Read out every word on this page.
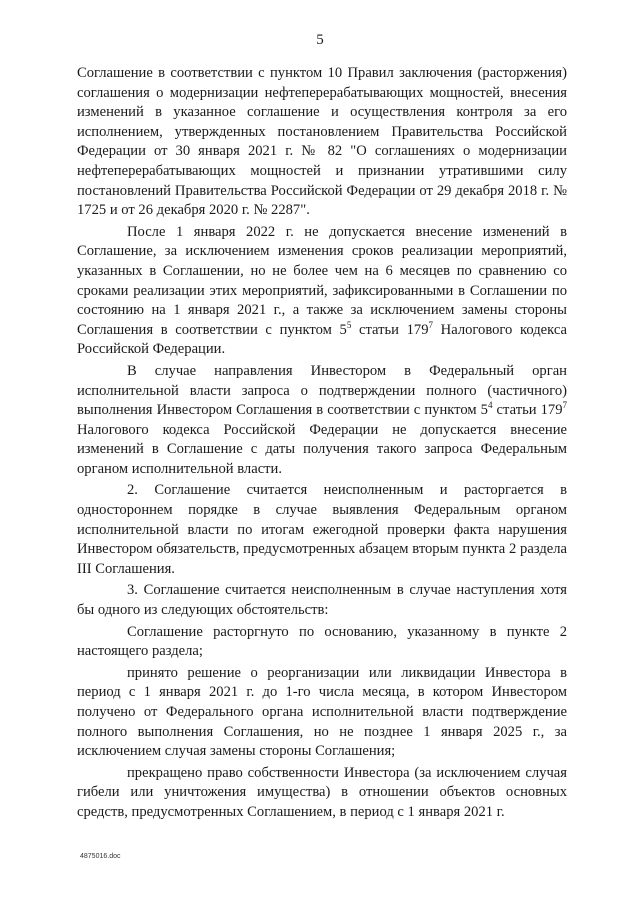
5

Соглашение в соответствии с пунктом 10 Правил заключения (расторжения) соглашения о модернизации нефтеперерабатывающих мощностей, внесения изменений в указанное соглашение и осуществления контроля за его исполнением, утвержденных постановлением Правительства Российской Федерации от 30 января 2021 г. № 82 "О соглашениях о модернизации нефтеперерабатывающих мощностей и признании утратившими силу постановлений Правительства Российской Федерации от 29 декабря 2018 г. № 1725 и от 26 декабря 2020 г. № 2287".

После 1 января 2022 г. не допускается внесение изменений в Соглашение, за исключением изменения сроков реализации мероприятий, указанных в Соглашении, но не более чем на 6 месяцев по сравнению со сроками реализации этих мероприятий, зафиксированными в Соглашении по состоянию на 1 января 2021 г., а также за исключением замены стороны Соглашения в соответствии с пунктом $5^5$ статьи $179^7$ Налогового кодекса Российской Федерации.

В случае направления Инвестором в Федеральный орган исполнительной власти запроса о подтверждении полного (частичного) выполнения Инвестором Соглашения в соответствии с пунктом $5^4$ статьи $179^7$ Налогового кодекса Российской Федерации не допускается внесение изменений в Соглашение с даты получения такого запроса Федеральным органом исполнительной власти.

2. Соглашение считается неисполненным и расторгается в одностороннем порядке в случае выявления Федеральным органом исполнительной власти по итогам ежегодной проверки факта нарушения Инвестором обязательств, предусмотренных абзацем вторым пункта 2 раздела III Соглашения.

3. Соглашение считается неисполненным в случае наступления хотя бы одного из следующих обстоятельств:

Соглашение расторгнуто по основанию, указанному в пункте 2 настоящего раздела;

принято решение о реорганизации или ликвидации Инвестора в период с 1 января 2021 г. до 1-го числа месяца, в котором Инвестором получено от Федерального органа исполнительной власти подтверждение полного выполнения Соглашения, но не позднее 1 января 2025 г., за исключением случая замены стороны Соглашения;

прекращено право собственности Инвестора (за исключением случая гибели или уничтожения имущества) в отношении объектов основных средств, предусмотренных Соглашением, в период с 1 января 2021 г.

4875016.doc
